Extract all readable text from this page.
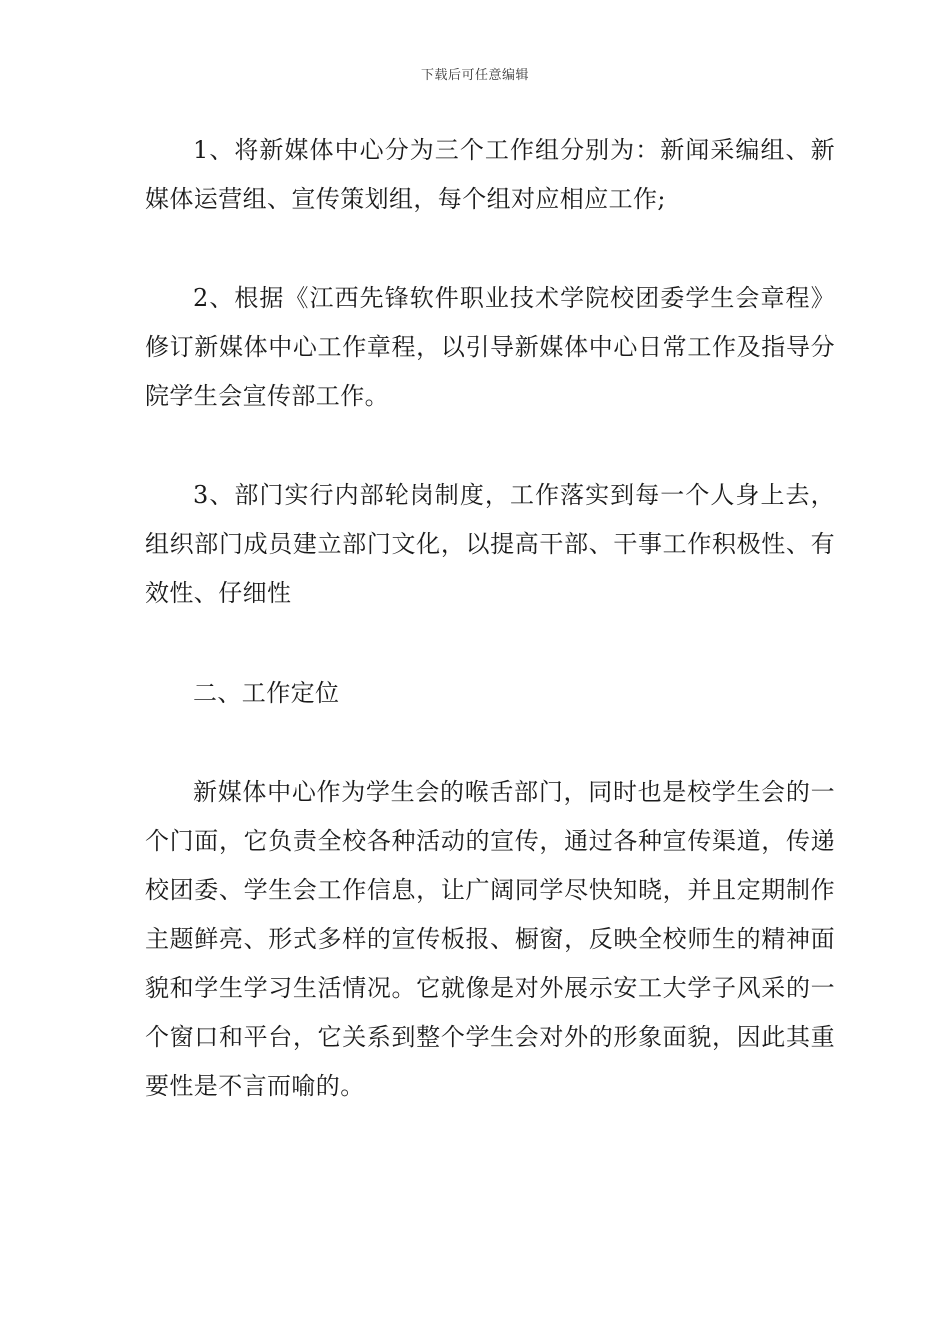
下载后可任意编辑

1、将新媒体中心分为三个工作组分别为：新闻采编组、新媒体运营组、宣传策划组，每个组对应相应工作;

2、根据《江西先锋软件职业技术学院校团委学生会章程》修订新媒体中心工作章程，以引导新媒体中心日常工作及指导分院学生会宣传部工作。

3、部门实行内部轮岗制度，工作落实到每一个人身上去，组织部门成员建立部门文化，以提高干部、干事工作积极性、有效性、仔细性

二、工作定位

新媒体中心作为学生会的喉舌部门，同时也是校学生会的一个门面，它负责全校各种活动的宣传，通过各种宣传渠道，传递校团委、学生会工作信息，让广阔同学尽快知晓，并且定期制作主题鲜亮、形式多样的宣传板报、橱窗，反映全校师生的精神面貌和学生学习生活情况。它就像是对外展示安工大学子风采的一个窗口和平台，它关系到整个学生会对外的形象面貌，因此其重要性是不言而喻的。
